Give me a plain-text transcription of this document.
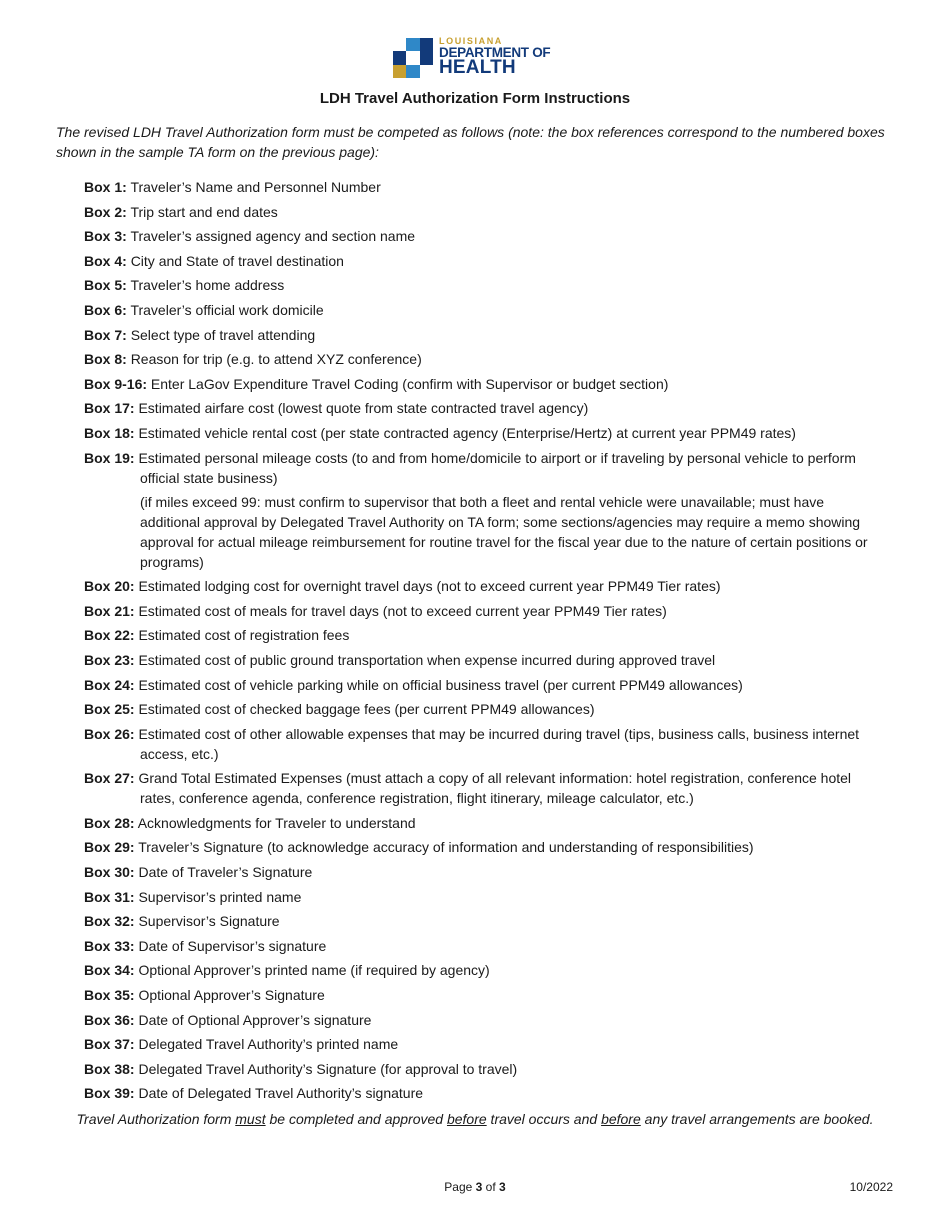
LOUISIANA
DEPARTMENT OF
HEALTH
LDH Travel Authorization Form Instructions
The revised LDH Travel Authorization form must be competed as follows (note: the box references correspond to the numbered boxes shown in the sample TA form on the previous page):
Box 1: Traveler’s Name and Personnel Number
Box 2: Trip start and end dates
Box 3: Traveler’s assigned agency and section name
Box 4: City and State of travel destination
Box 5: Traveler’s home address
Box 6: Traveler’s official work domicile
Box 7: Select type of travel attending
Box 8: Reason for trip (e.g. to attend XYZ conference)
Box 9-16: Enter LaGov Expenditure Travel Coding (confirm with Supervisor or budget section)
Box 17: Estimated airfare cost (lowest quote from state contracted travel agency)
Box 18: Estimated vehicle rental cost (per state contracted agency (Enterprise/Hertz) at current year PPM49 rates)
Box 19: Estimated personal mileage costs (to and from home/domicile to airport or if traveling by personal vehicle to perform official state business)
(if miles exceed 99: must confirm to supervisor that both a fleet and rental vehicle were unavailable; must have additional approval by Delegated Travel Authority on TA form; some sections/agencies may require a memo showing approval for actual mileage reimbursement for routine travel for the fiscal year due to the nature of certain positions or programs)
Box 20: Estimated lodging cost for overnight travel days (not to exceed current year PPM49 Tier rates)
Box 21: Estimated cost of meals for travel days (not to exceed current year PPM49 Tier rates)
Box 22: Estimated cost of registration fees
Box 23: Estimated cost of public ground transportation when expense incurred during approved travel
Box 24: Estimated cost of vehicle parking while on official business travel (per current PPM49 allowances)
Box 25: Estimated cost of checked baggage fees (per current PPM49 allowances)
Box 26: Estimated cost of other allowable expenses that may be incurred during travel (tips, business calls, business internet access, etc.)
Box 27: Grand Total Estimated Expenses (must attach a copy of all relevant information: hotel registration, conference hotel rates, conference agenda, conference registration, flight itinerary, mileage calculator, etc.)
Box 28: Acknowledgments for Traveler to understand
Box 29: Traveler’s Signature (to acknowledge accuracy of information and understanding of responsibilities)
Box 30: Date of Traveler’s Signature
Box 31: Supervisor’s printed name
Box 32: Supervisor’s Signature
Box 33: Date of Supervisor’s signature
Box 34: Optional Approver’s printed name (if required by agency)
Box 35: Optional Approver’s Signature
Box 36: Date of Optional Approver’s signature
Box 37: Delegated Travel Authority’s printed name
Box 38: Delegated Travel Authority’s Signature (for approval to travel)
Box 39: Date of Delegated Travel Authority’s signature
Travel Authorization form must be completed and approved before travel occurs and before any travel arrangements are booked.
Page 3 of 3	10/2022
